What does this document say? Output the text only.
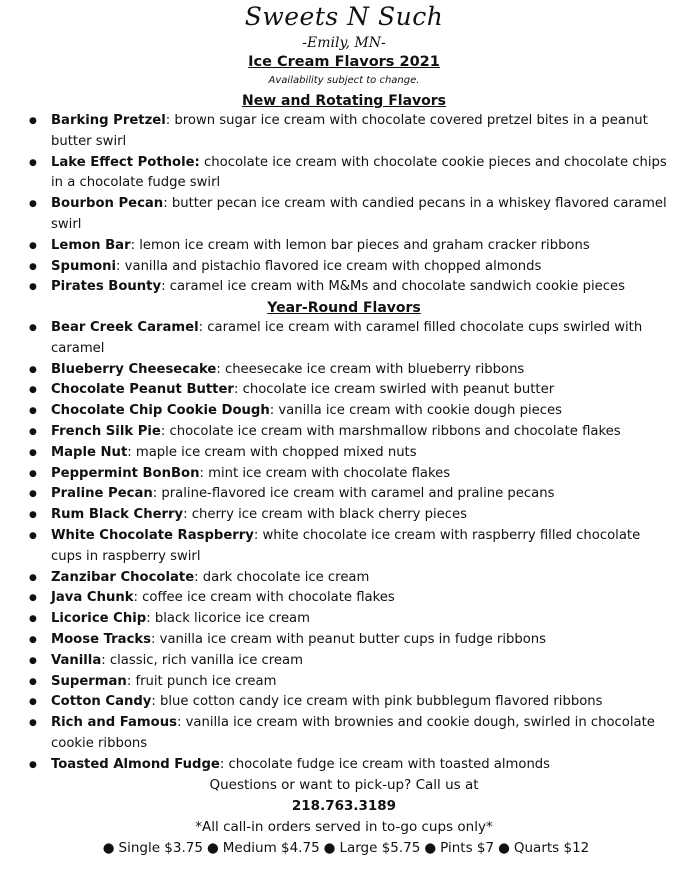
Sweets N Such
-Emily, MN-
Ice Cream Flavors 2021
Availability subject to change.
New and Rotating Flavors
● Barking Pretzel: brown sugar ice cream with chocolate covered pretzel bites in a peanut butter swirl
● Lake Effect Pothole: chocolate ice cream with chocolate cookie pieces and chocolate chips in a chocolate fudge swirl
● Bourbon Pecan: butter pecan ice cream with candied pecans in a whiskey flavored caramel swirl
● Lemon Bar: lemon ice cream with lemon bar pieces and graham cracker ribbons
● Spumoni: vanilla and pistachio flavored ice cream with chopped almonds
● Pirates Bounty: caramel ice cream with M&Ms and chocolate sandwich cookie pieces
Year-Round Flavors
● Bear Creek Caramel: caramel ice cream with caramel filled chocolate cups swirled with caramel
● Blueberry Cheesecake: cheesecake ice cream with blueberry ribbons
● Chocolate Peanut Butter: chocolate ice cream swirled with peanut butter
● Chocolate Chip Cookie Dough: vanilla ice cream with cookie dough pieces
● French Silk Pie: chocolate ice cream with marshmallow ribbons and chocolate flakes
● Maple Nut: maple ice cream with chopped mixed nuts
● Peppermint BonBon: mint ice cream with chocolate flakes
● Praline Pecan: praline-flavored ice cream with caramel and praline pecans
● Rum Black Cherry: cherry ice cream with black cherry pieces
● White Chocolate Raspberry: white chocolate ice cream with raspberry filled chocolate cups in raspberry swirl
● Zanzibar Chocolate: dark chocolate ice cream
● Java Chunk: coffee ice cream with chocolate flakes
● Licorice Chip: black licorice ice cream
● Moose Tracks: vanilla ice cream with peanut butter cups in fudge ribbons
● Vanilla: classic, rich vanilla ice cream
● Superman: fruit punch ice cream
● Cotton Candy: blue cotton candy ice cream with pink bubblegum flavored ribbons
● Rich and Famous: vanilla ice cream with brownies and cookie dough, swirled in chocolate cookie ribbons
● Toasted Almond Fudge: chocolate fudge ice cream with toasted almonds
Questions or want to pick-up? Call us at
218.763.3189
*All call-in orders served in to-go cups only*
● Single $3.75 ● Medium $4.75 ● Large $5.75 ● Pints $7 ● Quarts $12
